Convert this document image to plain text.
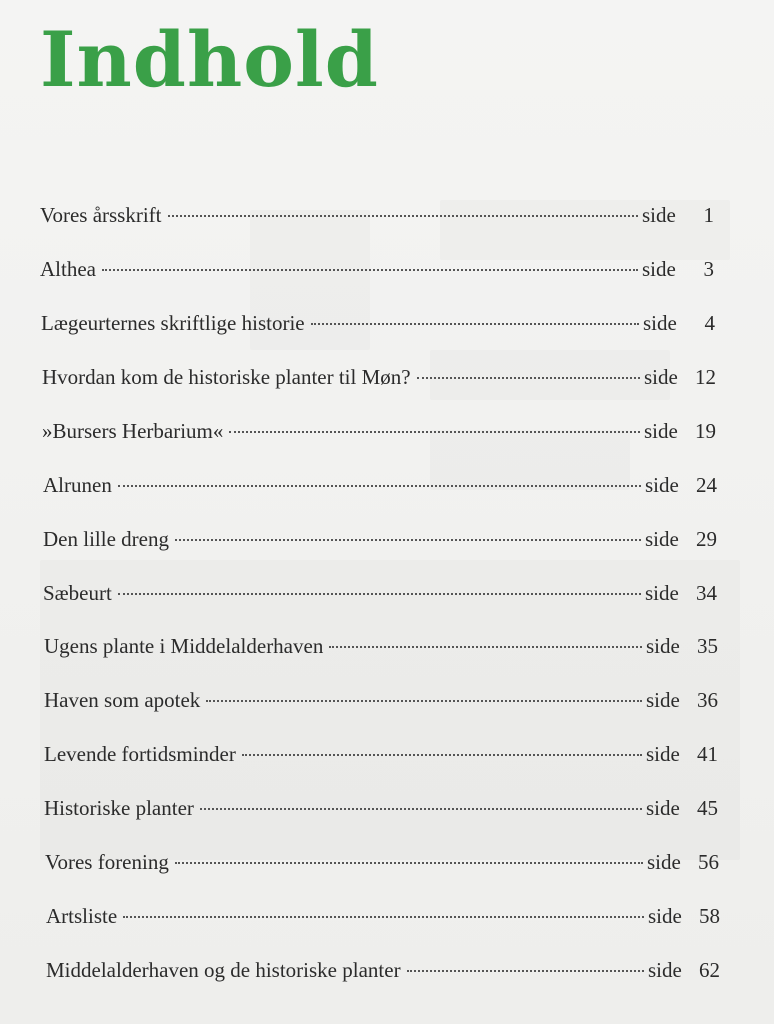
Indhold
Vores årsskrift	side 1
Althea	side 3
Lægeurternes skriftlige historie	side 4
Hvordan kom de historiske planter til Møn?	side 12
»Bursers Herbarium«	side 19
Alrunen	side 24
Den lille dreng	side 29
Sæbeurt	side 34
Ugens plante i Middelalderhaven	side 35
Haven som apotek	side 36
Levende fortidsminder	side 41
Historiske planter	side 45
Vores forening	side 56
Artsliste	side 58
Middelalderhaven og de historiske planter	side 62
